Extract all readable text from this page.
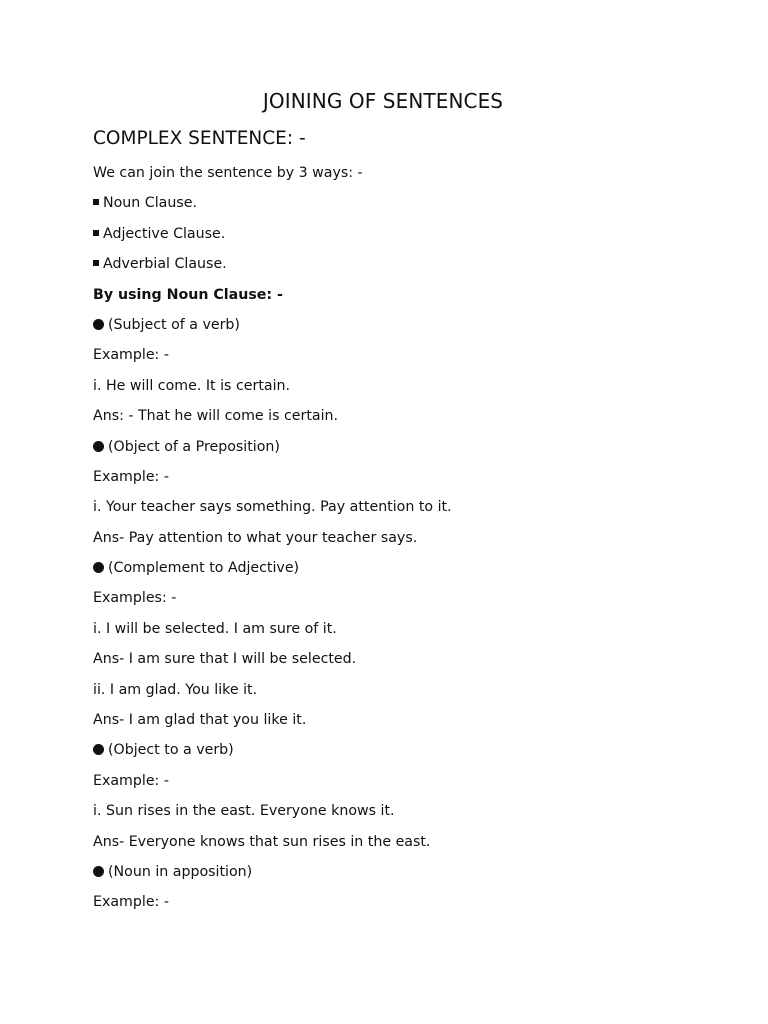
JOINING OF SENTENCES
COMPLEX SENTENCE: -
We can join the sentence by 3 ways: -
Noun Clause.
Adjective Clause.
Adverbial Clause.
By using Noun Clause: -
(Subject of a verb)
Example: -
i. He will come. It is certain.
Ans: - That he will come is certain.
(Object of a Preposition)
Example: -
i. Your teacher says something. Pay attention to it.
Ans- Pay attention to what your teacher says.
(Complement to Adjective)
Examples: -
i. I will be selected. I am sure of it.
Ans- I am sure that I will be selected.
ii. I am glad. You like it.
Ans- I am glad that you like it.
(Object to a verb)
Example: -
i. Sun rises in the east. Everyone knows it.
Ans- Everyone knows that sun rises in the east.
(Noun in apposition)
Example: -
